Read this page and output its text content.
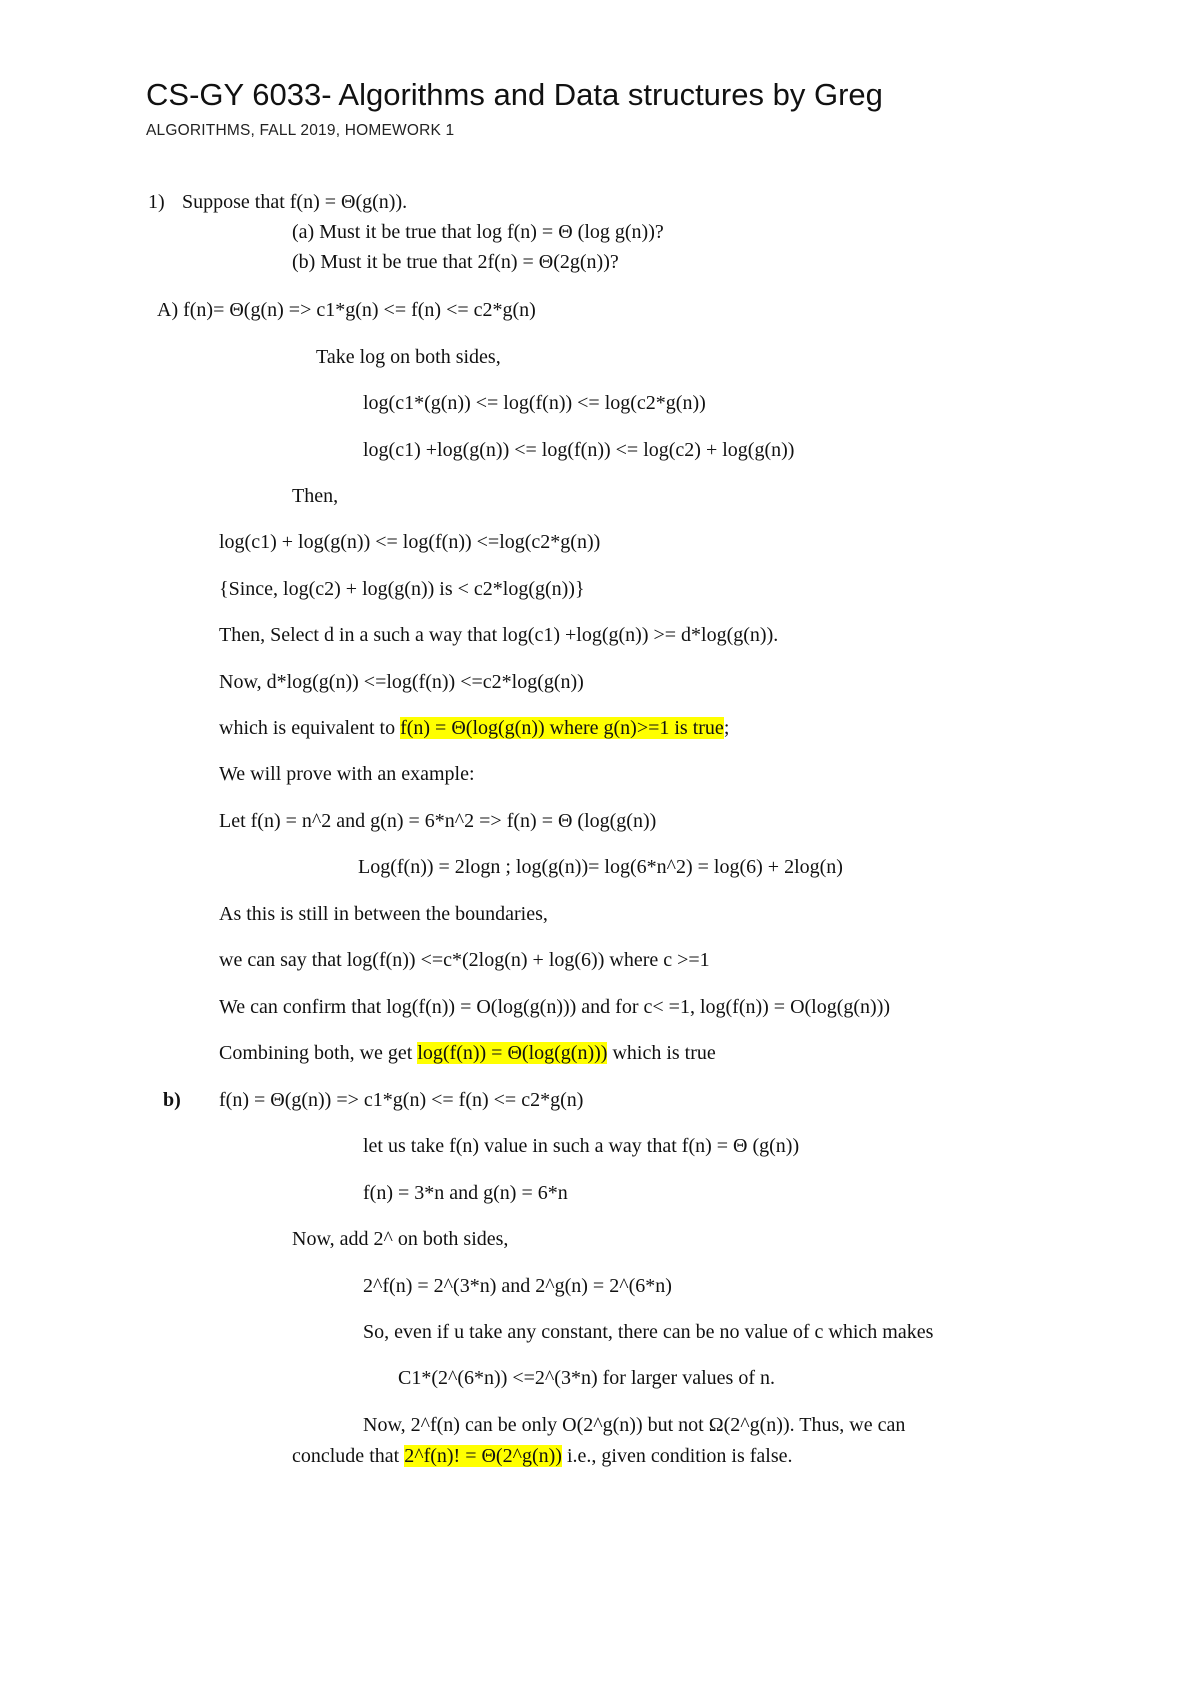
CS-GY 6033- Algorithms and Data structures by Greg
ALGORITHMS, FALL 2019, HOMEWORK 1
1) Suppose that f(n) = Θ(g(n)).
(a) Must it be true that log f(n) = Θ (log g(n))?
(b) Must it be true that 2f(n) = Θ(2g(n))?
A) f(n)= Θ(g(n) => c1*g(n) <= f(n) <= c2*g(n)
Take log on both sides,
log(c1*(g(n)) <= log(f(n)) <= log(c2*g(n))
log(c1) +log(g(n)) <= log(f(n)) <= log(c2) + log(g(n))
Then,
log(c1) + log(g(n)) <= log(f(n)) <=log(c2*g(n))
{Since, log(c2) + log(g(n)) is < c2*log(g(n))}
Then, Select d in a such a way that log(c1) +log(g(n)) >= d*log(g(n)).
Now, d*log(g(n)) <=log(f(n)) <=c2*log(g(n))
which is equivalent to f(n) = Θ(log(g(n)) where g(n)>=1 is true;
We will prove with an example:
Let f(n) = n^2 and g(n) = 6*n^2 => f(n) = Θ (log(g(n))
Log(f(n)) = 2logn ; log(g(n))= log(6*n^2) = log(6) + 2log(n)
As this is still in between the boundaries,
we can say that log(f(n)) <=c*(2log(n) + log(6)) where c >=1
We can confirm that log(f(n)) = O(log(g(n))) and for c< =1, log(f(n)) = O(log(g(n)))
Combining both, we get log(f(n)) = Θ(log(g(n))) which is true
b) f(n) = Θ(g(n)) => c1*g(n) <= f(n) <= c2*g(n)
let us take f(n) value in such a way that f(n) = Θ (g(n))
f(n) = 3*n and g(n) = 6*n
Now, add 2^ on both sides,
2^f(n) = 2^(3*n) and 2^g(n) = 2^(6*n)
So, even if u take any constant, there can be no value of c which makes
C1*(2^(6*n)) <=2^(3*n) for larger values of n.
Now, 2^f(n) can be only O(2^g(n)) but not Ω(2^g(n)). Thus, we can
conclude that 2^f(n)! = Θ(2^g(n)) i.e., given condition is false.
